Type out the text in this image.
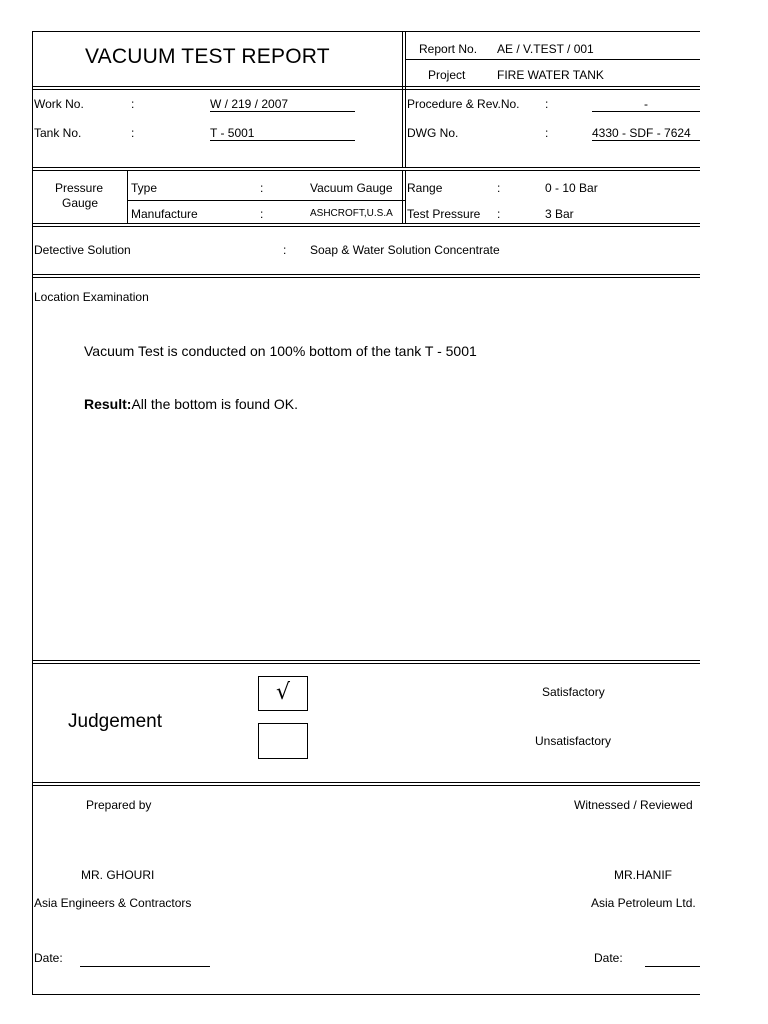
VACUUM TEST REPORT	Report No. AE / V.TEST / 001
Project	FIRE WATER TANK
Work No.	:	W / 219 / 2007
Tank No.	:	T - 5001
Procedure & Rev.No. :	-
DWG No.	:	4330 - SDF - 7624
Pressure
Gauge
Type	:	Vacuum Gauge
Manufacture	:	ASHCROFT,U.S.A
Range	:	0 - 10 Bar
Test Pressure :	3 Bar
Detective Solution	: Soap & Water Solution Concentrate
Location Examination
Vacuum Test is conducted on 100% bottom of the tank T - 5001
Result:All the bottom is found OK.
Judgement
√	Satisfactory
Unsatisfactory
Prepared by	Witnessed / Reviewed
MR. GHOURI	MR.HANIF
Asia Engineers & Contractors	Asia Petroleum Ltd.
Date:	Date:
